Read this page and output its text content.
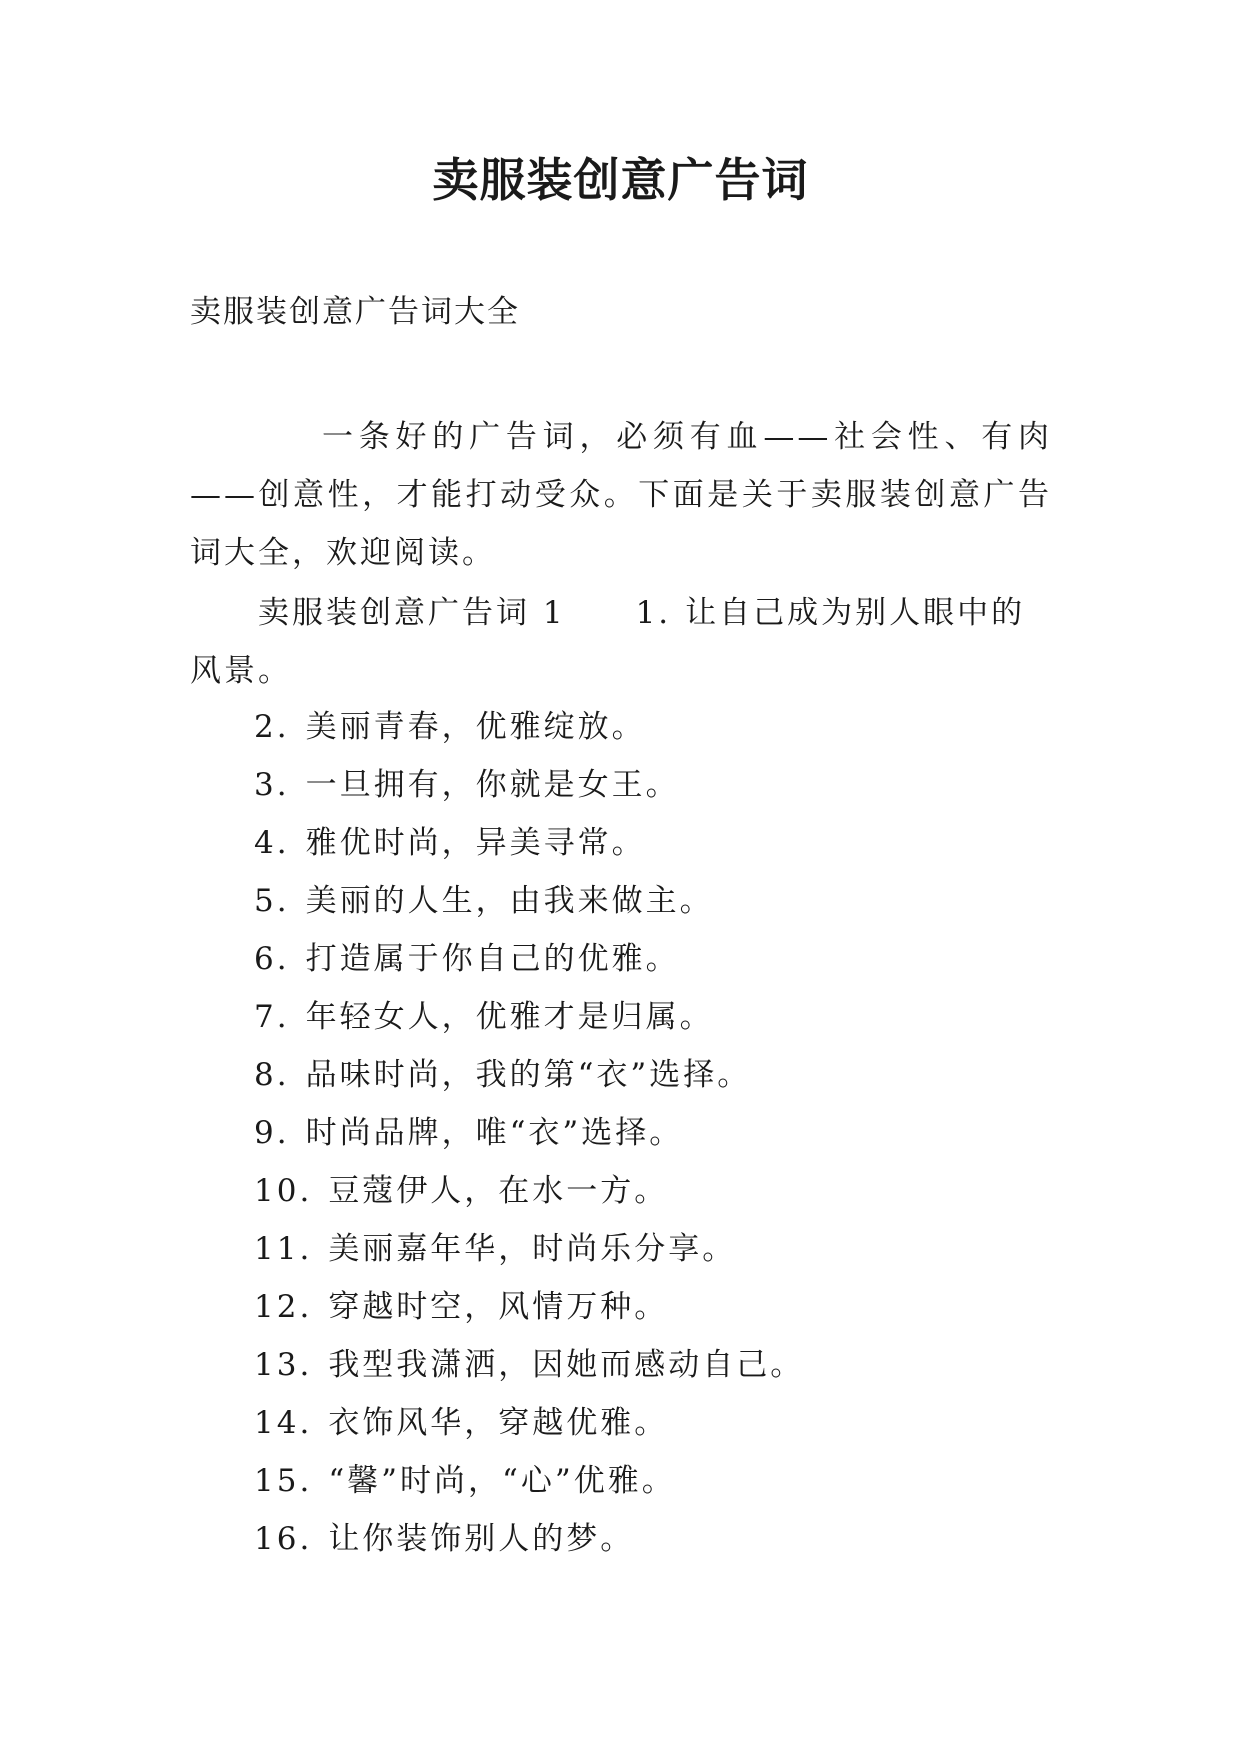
卖服装创意广告词
卖服装创意广告词大全

一条好的广告词，必须有血——社会性、有肉——创意性，才能打动受众。下面是关于卖服装创意广告词大全，欢迎阅读。

卖服装创意广告词 1 1. 让自己成为别人眼中的风景。

2. 美丽青春，优雅绽放。
3. 一旦拥有，你就是女王。
4. 雅优时尚，异美寻常。
5. 美丽的人生，由我来做主。
6. 打造属于你自己的优雅。
7. 年轻女人，优雅才是归属。
8. 品味时尚，我的第“衣”选择。
9. 时尚品牌，唯“衣”选择。
10. 豆蔻伊人，在水一方。
11. 美丽嘉年华，时尚乐分享。
12. 穿越时空，风情万种。
13. 我型我潇洒，因她而感动自己。
14. 衣饰风华，穿越优雅。
15. “馨”时尚，“心”优雅。
16. 让你装饰别人的梦。
